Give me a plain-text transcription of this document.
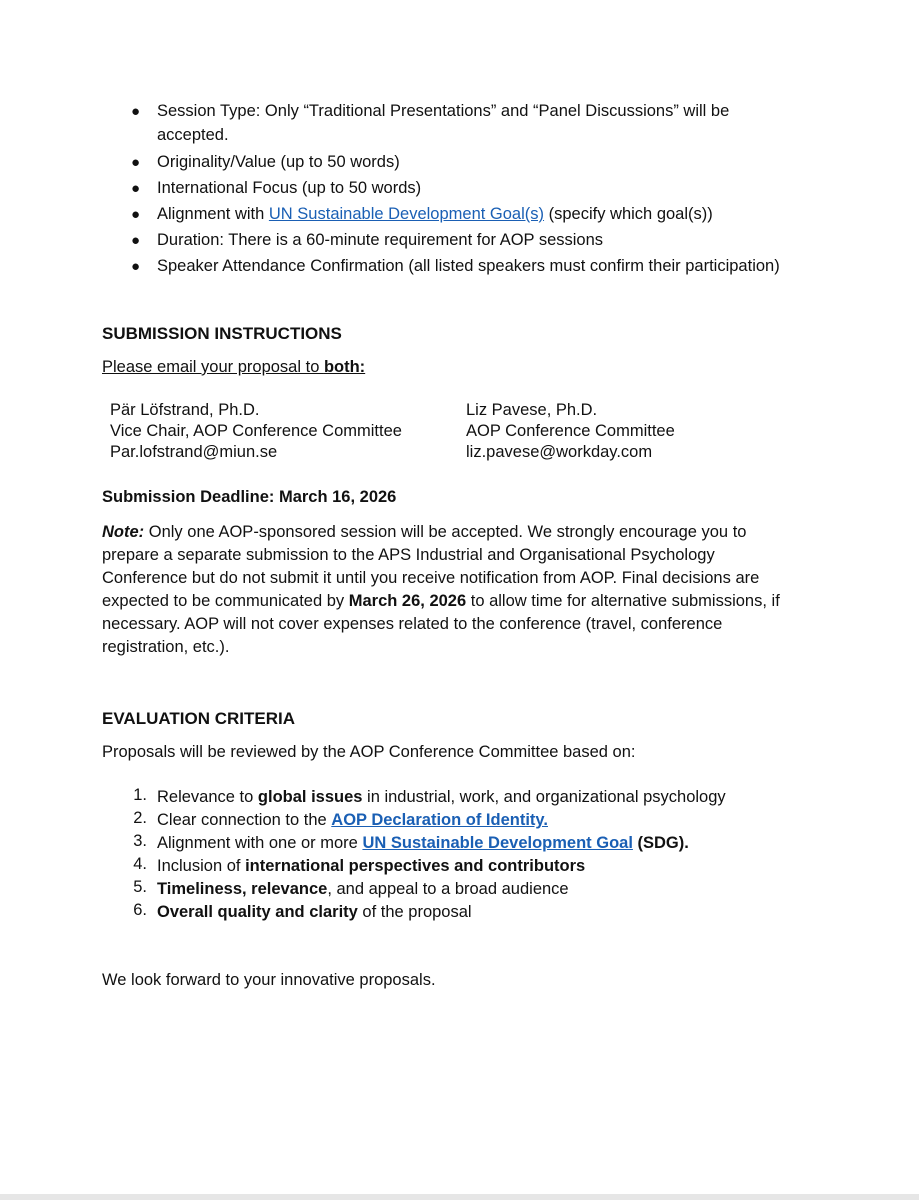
● Session Type: Only “Traditional Presentations” and “Panel Discussions” will be
accepted.
● Originality/Value (up to 50 words)
● International Focus (up to 50 words)
● Alignment with UN Sustainable Development Goal(s) (specify which goal(s))
● Duration: There is a 60-minute requirement for AOP sessions
● Speaker Attendance Confirmation (all listed speakers must confirm their participation)
SUBMISSION INSTRUCTIONS
Please email your proposal to both:
Pär Löfstrand, Ph.D.
Vice Chair, AOP Conference Committee
Par.lofstrand@miun.se
Liz Pavese, Ph.D.
AOP Conference Committee
liz.pavese@workday.com
Submission Deadline: March 16, 2026
Note: Only one AOP-sponsored session will be accepted. We strongly encourage you to
prepare a separate submission to the APS Industrial and Organisational Psychology
Conference but do not submit it until you receive notification from AOP. Final decisions are
expected to be communicated by March 26, 2026 to allow time for alternative submissions, if
necessary. AOP will not cover expenses related to the conference (travel, conference
registration, etc.).
EVALUATION CRITERIA
Proposals will be reviewed by the AOP Conference Committee based on:
1. Relevance to global issues in industrial, work, and organizational psychology
2. Clear connection to the AOP Declaration of Identity.
3. Alignment with one or more UN Sustainable Development Goal (SDG).
4. Inclusion of international perspectives and contributors
5. Timeliness, relevance, and appeal to a broad audience
6. Overall quality and clarity of the proposal
We look forward to your innovative proposals.
